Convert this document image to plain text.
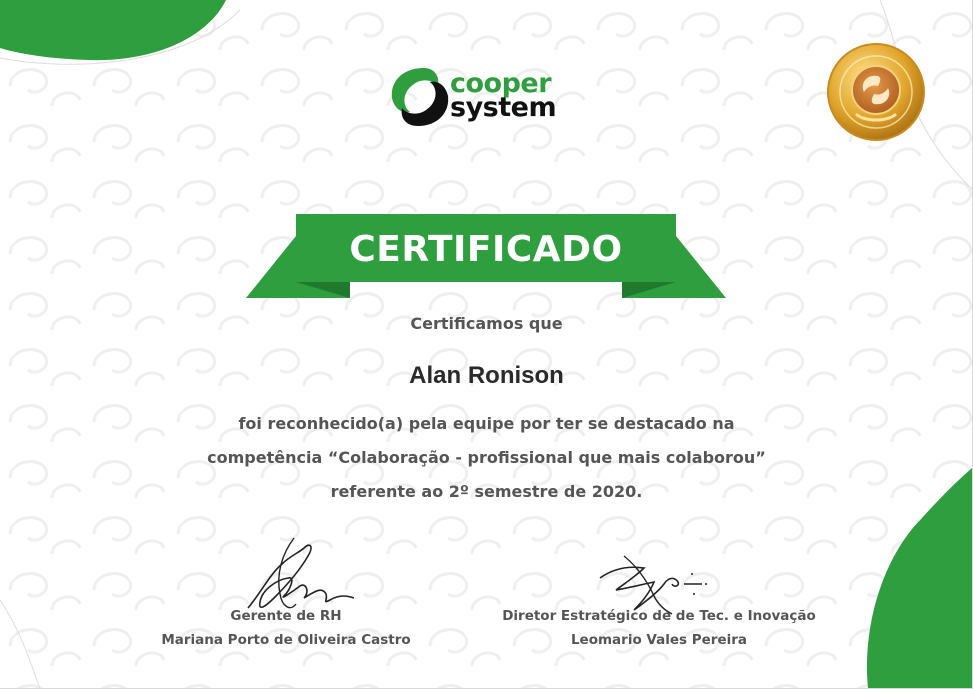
cooper
system
CERTIFICADO
Certificamos que
Alan Ronison
foi reconhecido(a) pela equipe por ter se destacado na
competência “Colaboração - profissional que mais colaborou”
referente ao 2º semestre de 2020.
Gerente de RH
Mariana Porto de Oliveira Castro
Diretor Estratégico de de Tec. e Inovação
Leomario Vales Pereira
